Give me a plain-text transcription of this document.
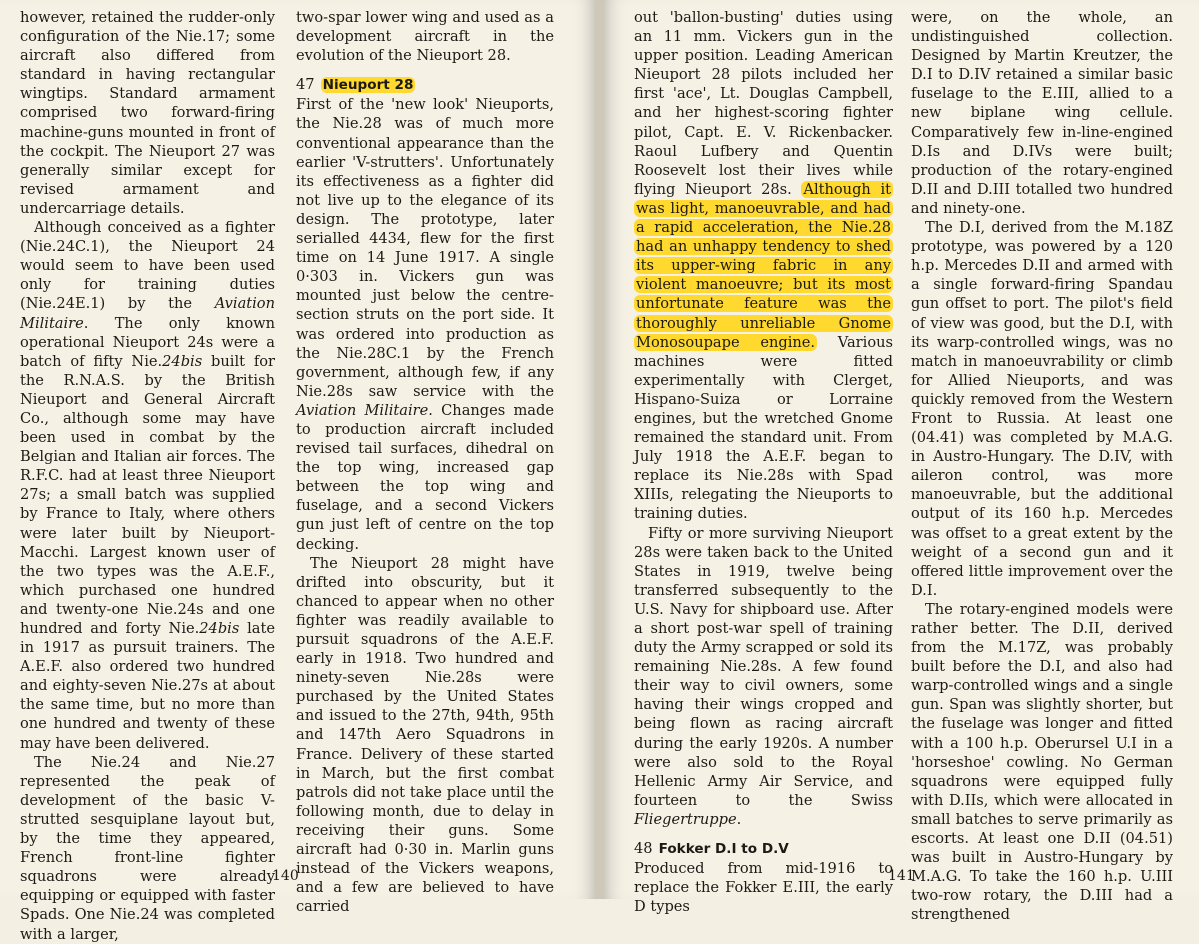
however, retained the rudder-only configuration of the Nie.17; some aircraft also differed from standard in having rectangular wingtips. Standard armament comprised two forward-firing machine-guns mounted in front of the cockpit. The Nieuport 27 was generally similar except for revised armament and undercarriage details.

Although conceived as a fighter (Nie.24C.1), the Nieuport 24 would seem to have been used only for training duties (Nie.24E.1) by the Aviation Militaire. The only known operational Nieuport 24s were a batch of fifty Nie.24bis built for the R.N.A.S. by the British Nieuport and General Aircraft Co., although some may have been used in combat by the Belgian and Italian air forces. The R.F.C. had at least three Nieuport 27s; a small batch was supplied by France to Italy, where others were later built by Nieuport-Macchi. Largest known user of the two types was the A.E.F., which purchased one hundred and twenty-one Nie.24s and one hundred and forty Nie.24bis late in 1917 as pursuit trainers. The A.E.F. also ordered two hundred and eighty-seven Nie.27s at about the same time, but no more than one hundred and twenty of these may have been delivered.

The Nie.24 and Nie.27 represented the peak of development of the basic V-strutted sesquiplane layout but, by the time they appeared, French front-line fighter squadrons were already equipping or equipped with faster Spads. One Nie.24 was completed with a larger,

two-spar lower wing and used as a development aircraft in the evolution of the Nieuport 28.

47 Nieuport 28

First of the 'new look' Nieuports, the Nie.28 was of much more conventional appearance than the earlier 'V-strutters'. Unfortunately its effectiveness as a fighter did not live up to the elegance of its design. The prototype, later serialled 4434, flew for the first time on 14 June 1917. A single 0·303 in. Vickers gun was mounted just below the centre-section struts on the port side. It was ordered into production as the Nie.28C.1 by the French government, although few, if any Nie.28s saw service with the Aviation Militaire. Changes made to production aircraft included revised tail surfaces, dihedral on the top wing, increased gap between the top wing and fuselage, and a second Vickers gun just left of centre on the top decking.

The Nieuport 28 might have drifted into obscurity, but it chanced to appear when no other fighter was readily available to pursuit squadrons of the A.E.F. early in 1918. Two hundred and ninety-seven Nie.28s were purchased by the United States and issued to the 27th, 94th, 95th and 147th Aero Squadrons in France. Delivery of these started in March, but the first combat patrols did not take place until the following month, due to delay in receiving their guns. Some aircraft had 0·30 in. Marlin guns instead of the Vickers weapons, and a few are believed to have carried

out 'ballon-busting' duties using an 11 mm. Vickers gun in the upper position. Leading American Nieuport 28 pilots included her first 'ace', Lt. Douglas Campbell, and her highest-scoring fighter pilot, Capt. E. V. Rickenbacker. Raoul Lufbery and Quentin Roosevelt lost their lives while flying Nieuport 28s. Although it was light, manoeuvrable, and had a rapid acceleration, the Nie.28 had an unhappy tendency to shed its upper-wing fabric in any violent manoeuvre; but its most unfortunate feature was the thoroughly unreliable Gnome Monosoupape engine. Various machines were fitted experimentally with Clerget, Hispano-Suiza or Lorraine engines, but the wretched Gnome remained the standard unit. From July 1918 the A.E.F. began to replace its Nie.28s with Spad XIIIs, relegating the Nieuports to training duties.

Fifty or more surviving Nieuport 28s were taken back to the United States in 1919, twelve being transferred subsequently to the U.S. Navy for shipboard use. After a short post-war spell of training duty the Army scrapped or sold its remaining Nie.28s. A few found their way to civil owners, some having their wings cropped and being flown as racing aircraft during the early 1920s. A number were also sold to the Royal Hellenic Army Air Service, and fourteen to the Swiss Fliegertruppe.

48 Fokker D.I to D.V

Produced from mid-1916 to replace the Fokker E.III, the early D types

were, on the whole, an undistinguished collection. Designed by Martin Kreutzer, the D.I to D.IV retained a similar basic fuselage to the E.III, allied to a new biplane wing cellule. Comparatively few in-line-engined D.Is and D.IVs were built; production of the rotary-engined D.II and D.III totalled two hundred and ninety-one.

The D.I, derived from the M.18Z prototype, was powered by a 120 h.p. Mercedes D.II and armed with a single forward-firing Spandau gun offset to port. The pilot's field of view was good, but the D.I, with its warp-controlled wings, was no match in manoeuvrability or climb for Allied Nieuports, and was quickly removed from the Western Front to Russia. At least one (04.41) was completed by M.A.G. in Austro-Hungary. The D.IV, with aileron control, was more manoeuvrable, but the additional output of its 160 h.p. Mercedes was offset to a great extent by the weight of a second gun and it offered little improvement over the D.I.

The rotary-engined models were rather better. The D.II, derived from the M.17Z, was probably built before the D.I, and also had warp-controlled wings and a single gun. Span was slightly shorter, but the fuselage was longer and fitted with a 100 h.p. Oberursel U.I in a 'horseshoe' cowling. No German squadrons were equipped fully with D.IIs, which were allocated in small batches to serve primarily as escorts. At least one D.II (04.51) was built in Austro-Hungary by M.A.G. To take the 160 h.p. U.III two-row rotary, the D.III had a strengthened

140	141
